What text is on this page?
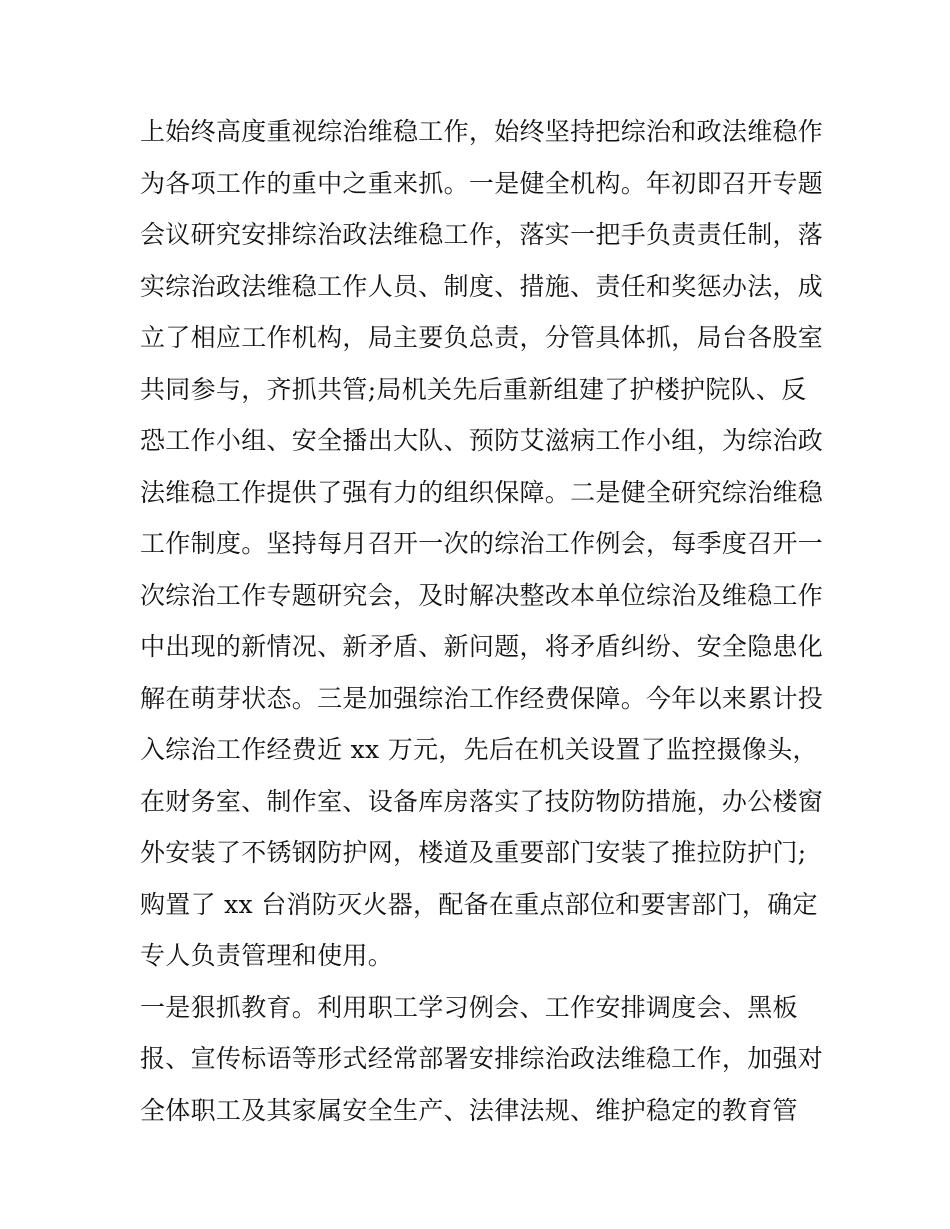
上始终高度重视综治维稳工作，始终坚持把综治和政法维稳作
为各项工作的重中之重来抓。一是健全机构。年初即召开专题
会议研究安排综治政法维稳工作，落实一把手负责责任制，落
实综治政法维稳工作人员、制度、措施、责任和奖惩办法，成
立了相应工作机构，局主要负总责，分管具体抓，局台各股室
共同参与，齐抓共管;局机关先后重新组建了护楼护院队、反
恐工作小组、安全播出大队、预防艾滋病工作小组，为综治政
法维稳工作提供了强有力的组织保障。二是健全研究综治维稳
工作制度。坚持每月召开一次的综治工作例会，每季度召开一
次综治工作专题研究会，及时解决整改本单位综治及维稳工作
中出现的新情况、新矛盾、新问题，将矛盾纠纷、安全隐患化
解在萌芽状态。三是加强综治工作经费保障。今年以来累计投
入综治工作经费近 xx 万元，先后在机关设置了监控摄像头，
在财务室、制作室、设备库房落实了技防物防措施，办公楼窗
外安装了不锈钢防护网，楼道及重要部门安装了推拉防护门;
购置了 xx 台消防灭火器，配备在重点部位和要害部门，确定
专人负责管理和使用。
一是狠抓教育。利用职工学习例会、工作安排调度会、黑板
报、宣传标语等形式经常部署安排综治政法维稳工作，加强对
全体职工及其家属安全生产、法律法规、维护稳定的教育管
